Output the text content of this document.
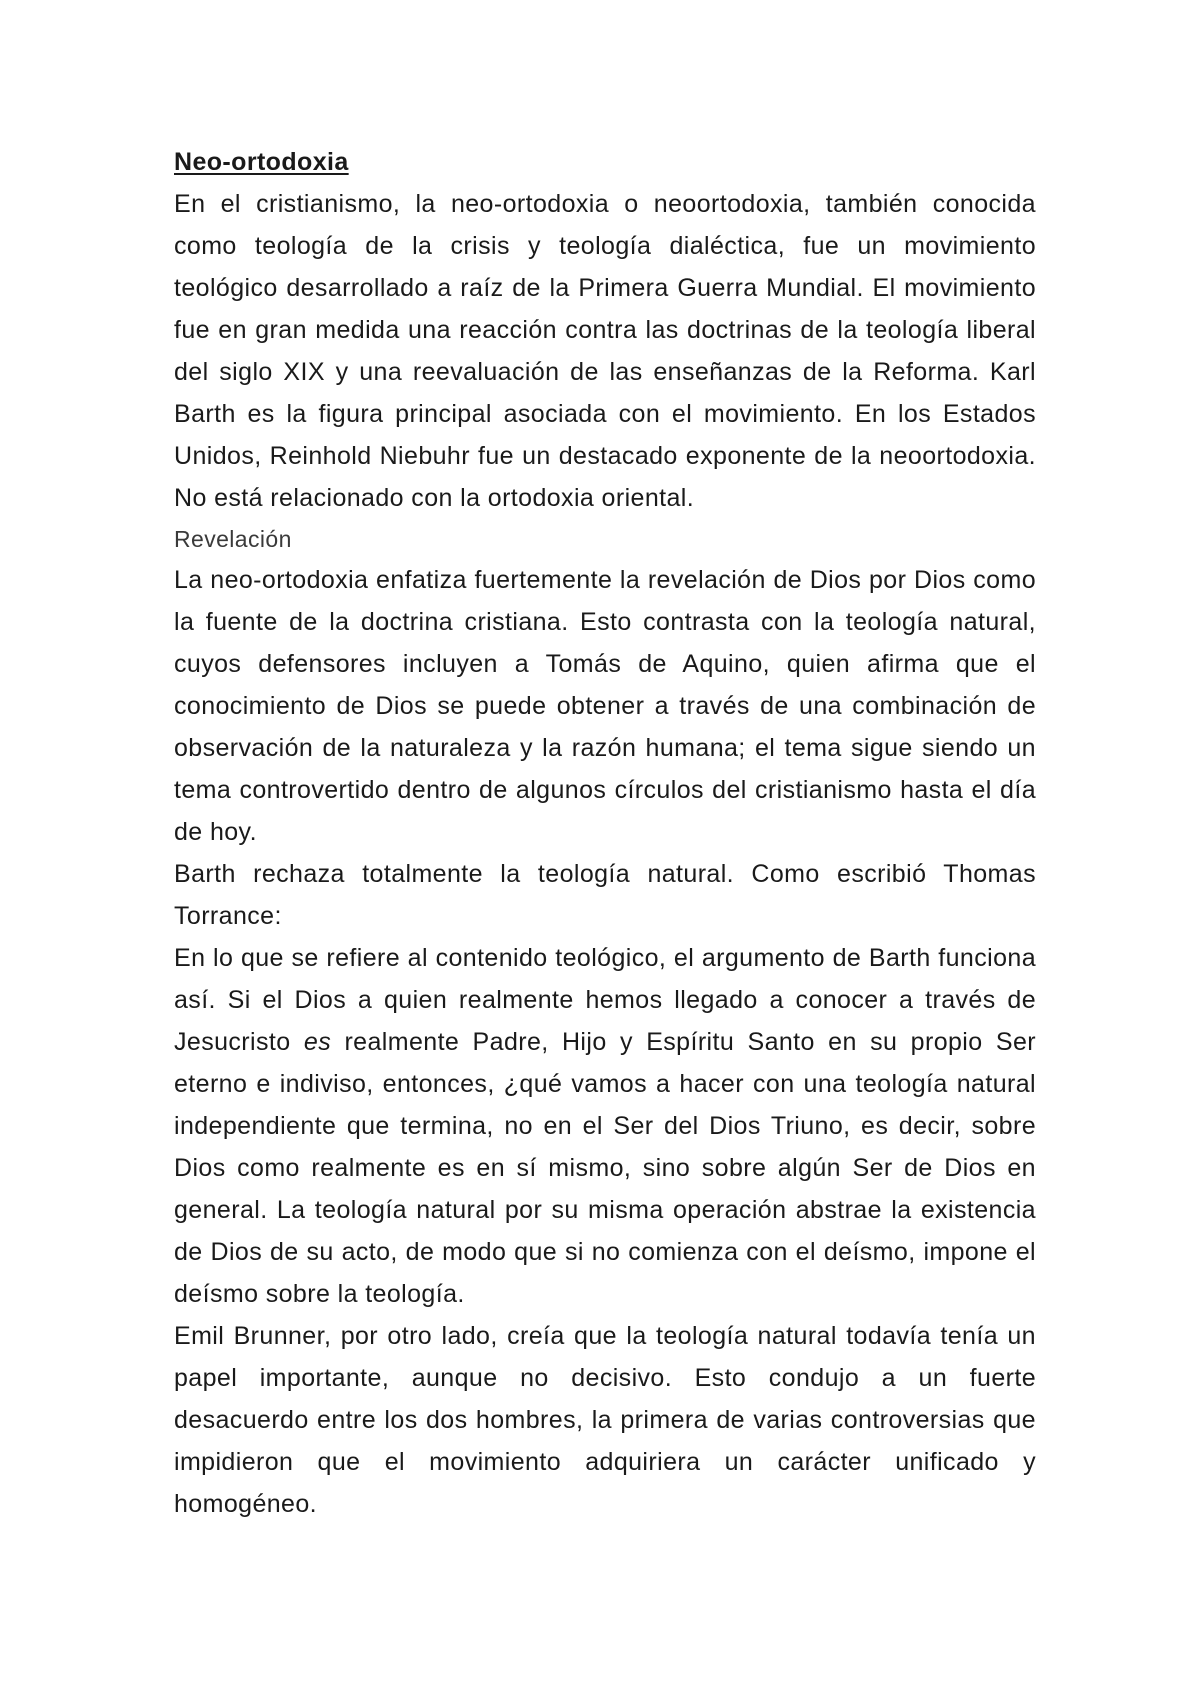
Neo-ortodoxia

En el cristianismo, la neo-ortodoxia o neoortodoxia, también conocida como teología de la crisis y teología dialéctica, fue un movimiento teológico desarrollado a raíz de la Primera Guerra Mundial. El movimiento fue en gran medida una reacción contra las doctrinas de la teología liberal del siglo XIX y una reevaluación de las enseñanzas de la Reforma. Karl Barth es la figura principal asociada con el movimiento. En los Estados Unidos, Reinhold Niebuhr fue un destacado exponente de la neoortodoxia. No está relacionado con la ortodoxia oriental.

Revelación

La neo-ortodoxia enfatiza fuertemente la revelación de Dios por Dios como la fuente de la doctrina cristiana. Esto contrasta con la teología natural, cuyos defensores incluyen a Tomás de Aquino, quien afirma que el conocimiento de Dios se puede obtener a través de una combinación de observación de la naturaleza y la razón humana; el tema sigue siendo un tema controvertido dentro de algunos círculos del cristianismo hasta el día de hoy.

Barth rechaza totalmente la teología natural. Como escribió Thomas Torrance:

En lo que se refiere al contenido teológico, el argumento de Barth funciona así. Si el Dios a quien realmente hemos llegado a conocer a través de Jesucristo es realmente Padre, Hijo y Espíritu Santo en su propio Ser eterno e indiviso, entonces, ¿qué vamos a hacer con una teología natural independiente que termina, no en el Ser del Dios Triuno, es decir, sobre Dios como realmente es en sí mismo, sino sobre algún Ser de Dios en general. La teología natural por su misma operación abstrae la existencia de Dios de su acto, de modo que si no comienza con el deísmo, impone el deísmo sobre la teología.

Emil Brunner, por otro lado, creía que la teología natural todavía tenía un papel importante, aunque no decisivo. Esto condujo a un fuerte desacuerdo entre los dos hombres, la primera de varias controversias que impidieron que el movimiento adquiriera un carácter unificado y homogéneo.
